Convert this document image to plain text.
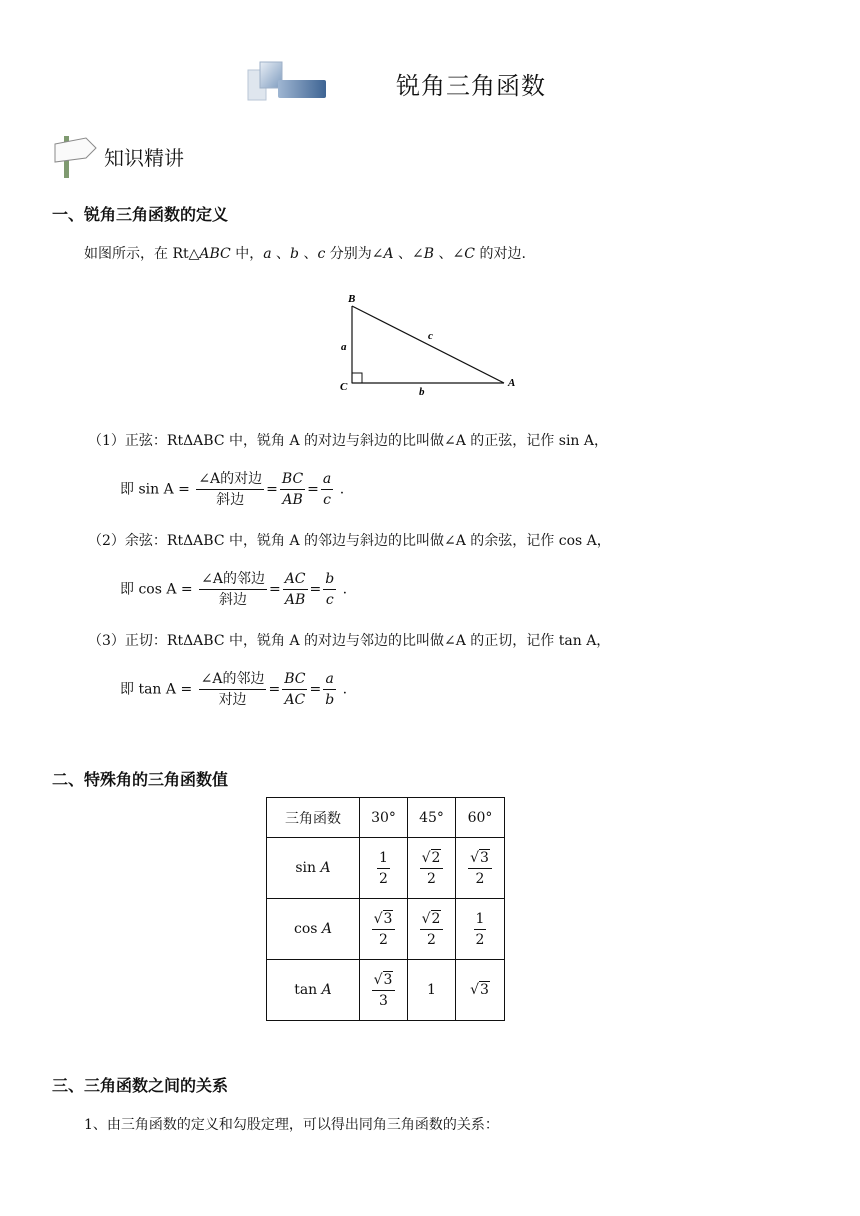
锐角三角函数
知识精讲
一、锐角三角函数的定义
如图所示，在 Rt△ABC 中，a 、b 、c 分别为∠A 、∠B 、∠C 的对边.
B
C	A
a
b
c
（1）正弦：RtΔABC 中，锐角 A 的对边与斜边的比叫做∠A 的正弦，记作 sin A，
即 $\sin A = \frac{\text{∠A的对边}}{\text{斜边}} = \frac{BC}{AB} = \frac{a}{c}$ .
（2）余弦：RtΔABC 中，锐角 A 的邻边与斜边的比叫做∠A 的余弦，记作 cos A，
即 $\cos A = \frac{\text{∠A的邻边}}{\text{斜边}} = \frac{AC}{AB} = \frac{b}{c}$ .
（3）正切：RtΔABC 中，锐角 A 的对边与邻边的比叫做∠A 的正切，记作 tan A，
即 $\tan A = \frac{\text{∠A的邻边}}{\text{对边}} = \frac{BC}{AC} = \frac{a}{b}$ .
二、特殊角的三角函数值
三角函数	30°	45°	60°
sin A	$\frac{1}{2}$	$\frac{√2}{2}$	$\frac{√3}{2}$

cos A	$\frac{√3}{2}$	$\frac{√2}{2}$	$\frac{1}{2}$

tan A	$\frac{√3}{3}$	1	√3
三、三角函数之间的关系
1、由三角函数的定义和勾股定理，可以得出同角三角函数的关系：
